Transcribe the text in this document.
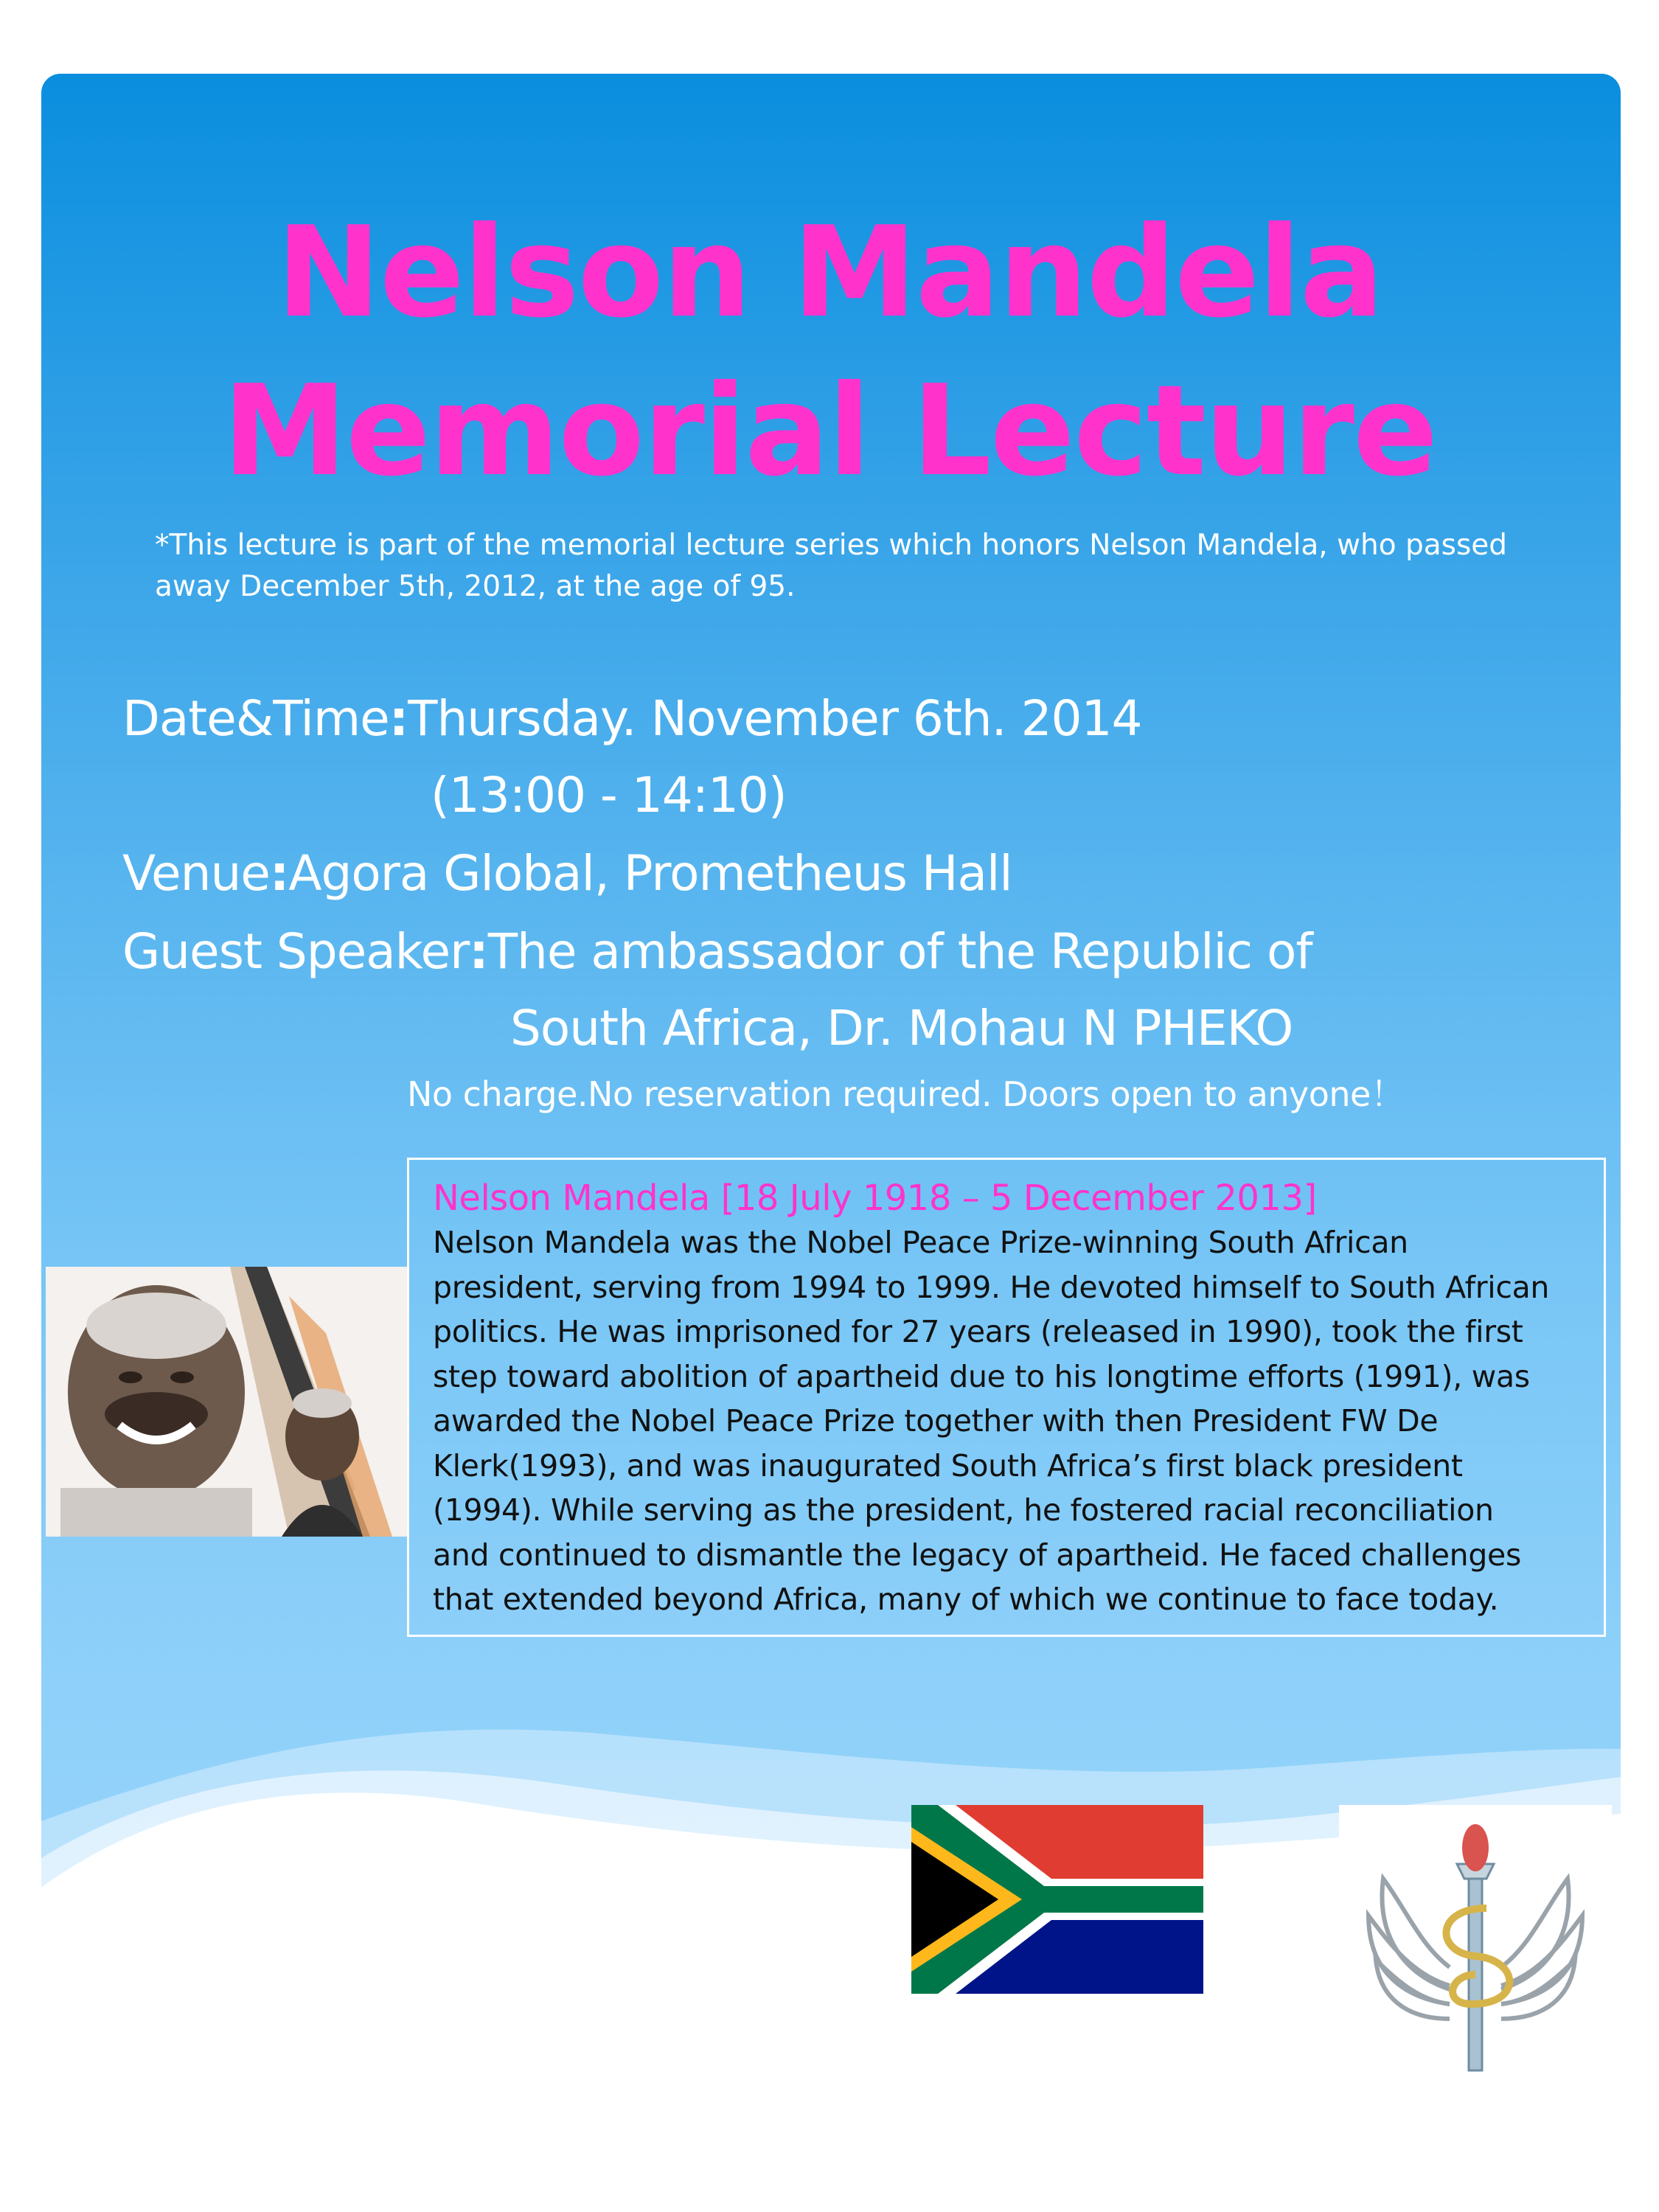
Nelson Mandela
Memorial Lecture
*This lecture is part of the memorial lecture series which honors Nelson Mandela, who passed away December 5th, 2012, at the age of 95.
Date&Time:Thursday. November 6th. 2014
(13:00 - 14:10)
Venue:Agora Global, Prometheus Hall
Guest Speaker:The ambassador of the Republic of
South Africa, Dr. Mohau N PHEKO
No charge.No reservation required. Doors open to anyone！
Nelson Mandela [18 July 1918 – 5 December 2013]
Nelson Mandela was the Nobel Peace Prize-winning South African
president, serving from 1994 to 1999. He devoted himself to South African
politics. He was imprisoned for 27 years (released in 1990), took the first
step toward abolition of apartheid due to his longtime efforts (1991), was
awarded the Nobel Peace Prize together with then President FW De
Klerk(1993), and was inaugurated South Africa’s first black president
(1994). While serving as the president, he fostered racial reconciliation
and continued to dismantle the legacy of apartheid. He faced challenges
that extended beyond Africa, many of which we continue to face today.
